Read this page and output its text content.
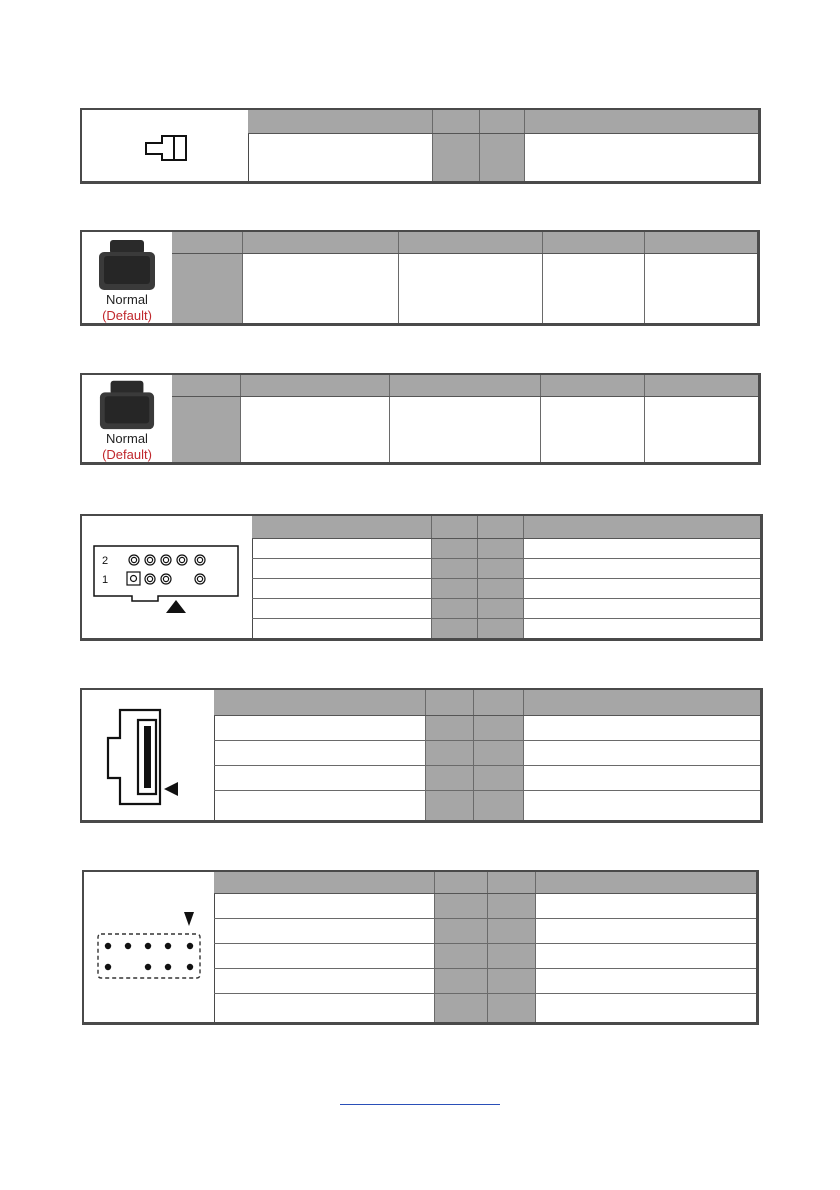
Normal
(Default)
Normal
(Default)
2
1
